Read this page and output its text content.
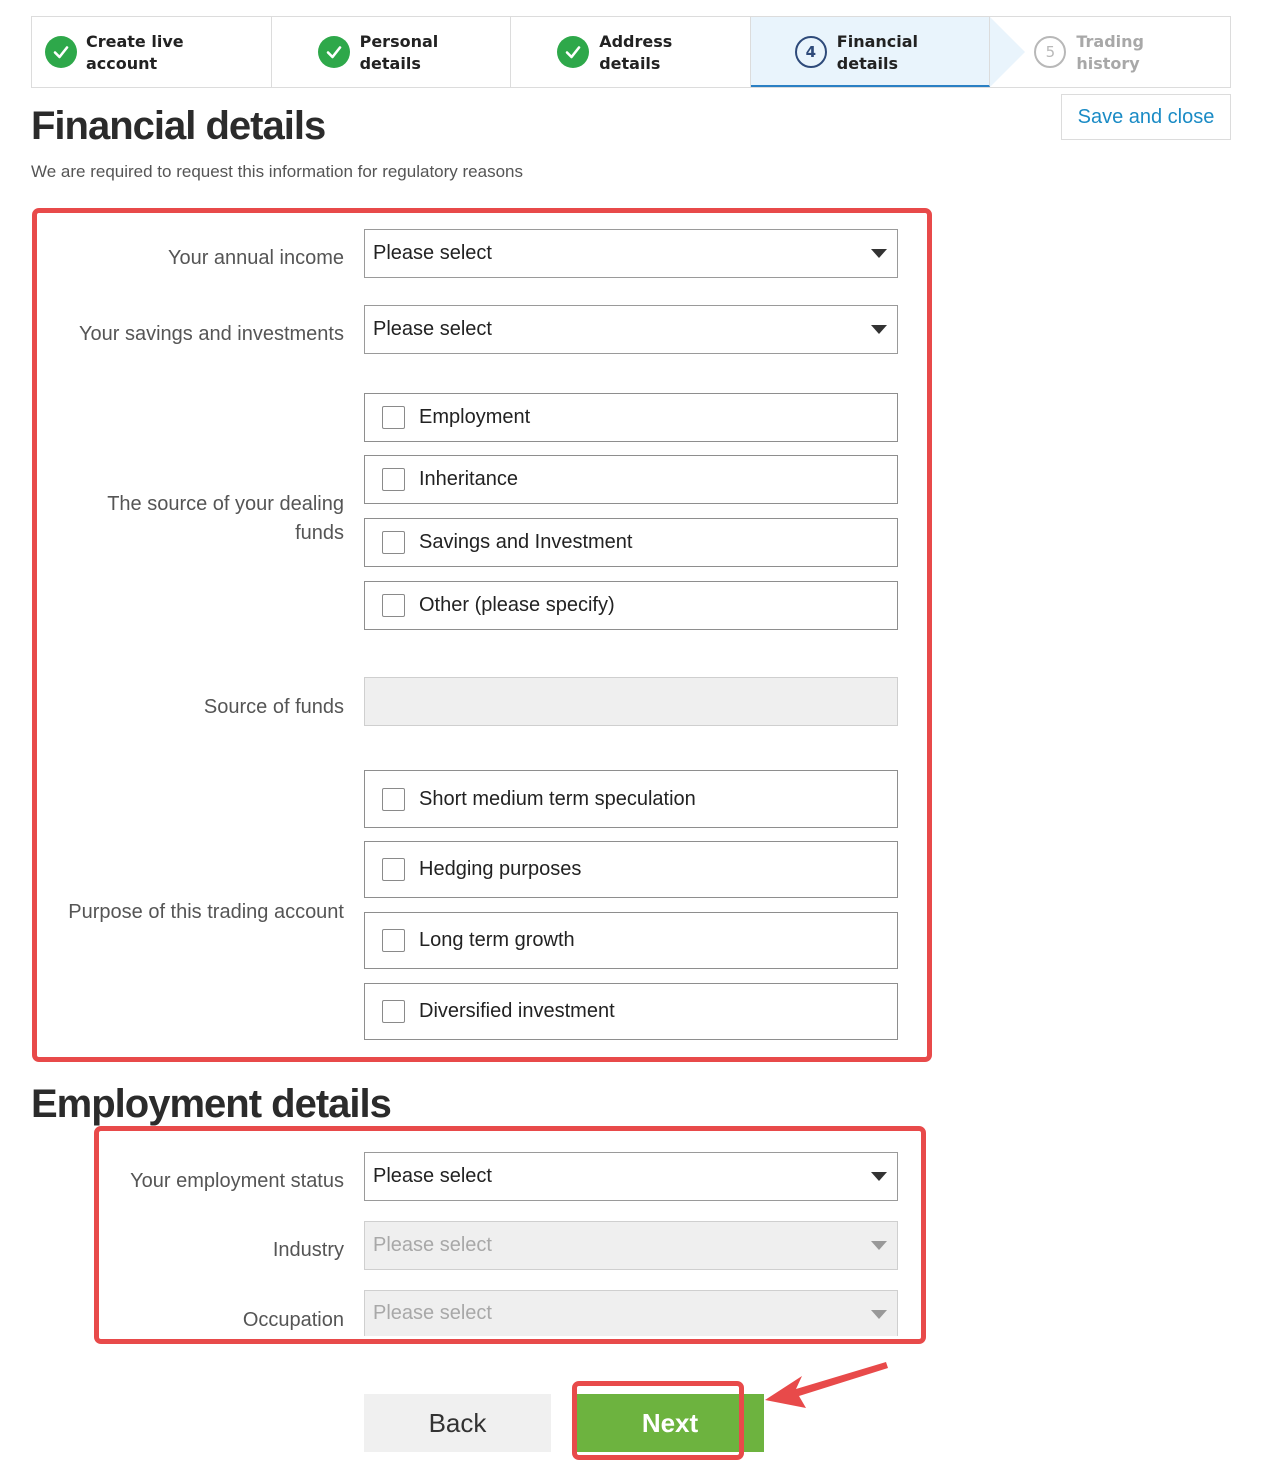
Create live
account
Personal
details
Address
details
4
Financial
details
5
Trading
history
Save and close
Financial details

We are required to request this information for regulatory reasons

Your annual income Please select
Your savings and investments Please select
The source of your dealing
funds
Employment
Inheritance
Savings and Investment
Other (please specify)
Source of funds
Purpose of this trading account
Short medium term speculation
Hedging purposes
Long term growth
Diversified investment
Employment details
Your employment status Please select
Industry Please select
Occupation Please select
Back	Next
